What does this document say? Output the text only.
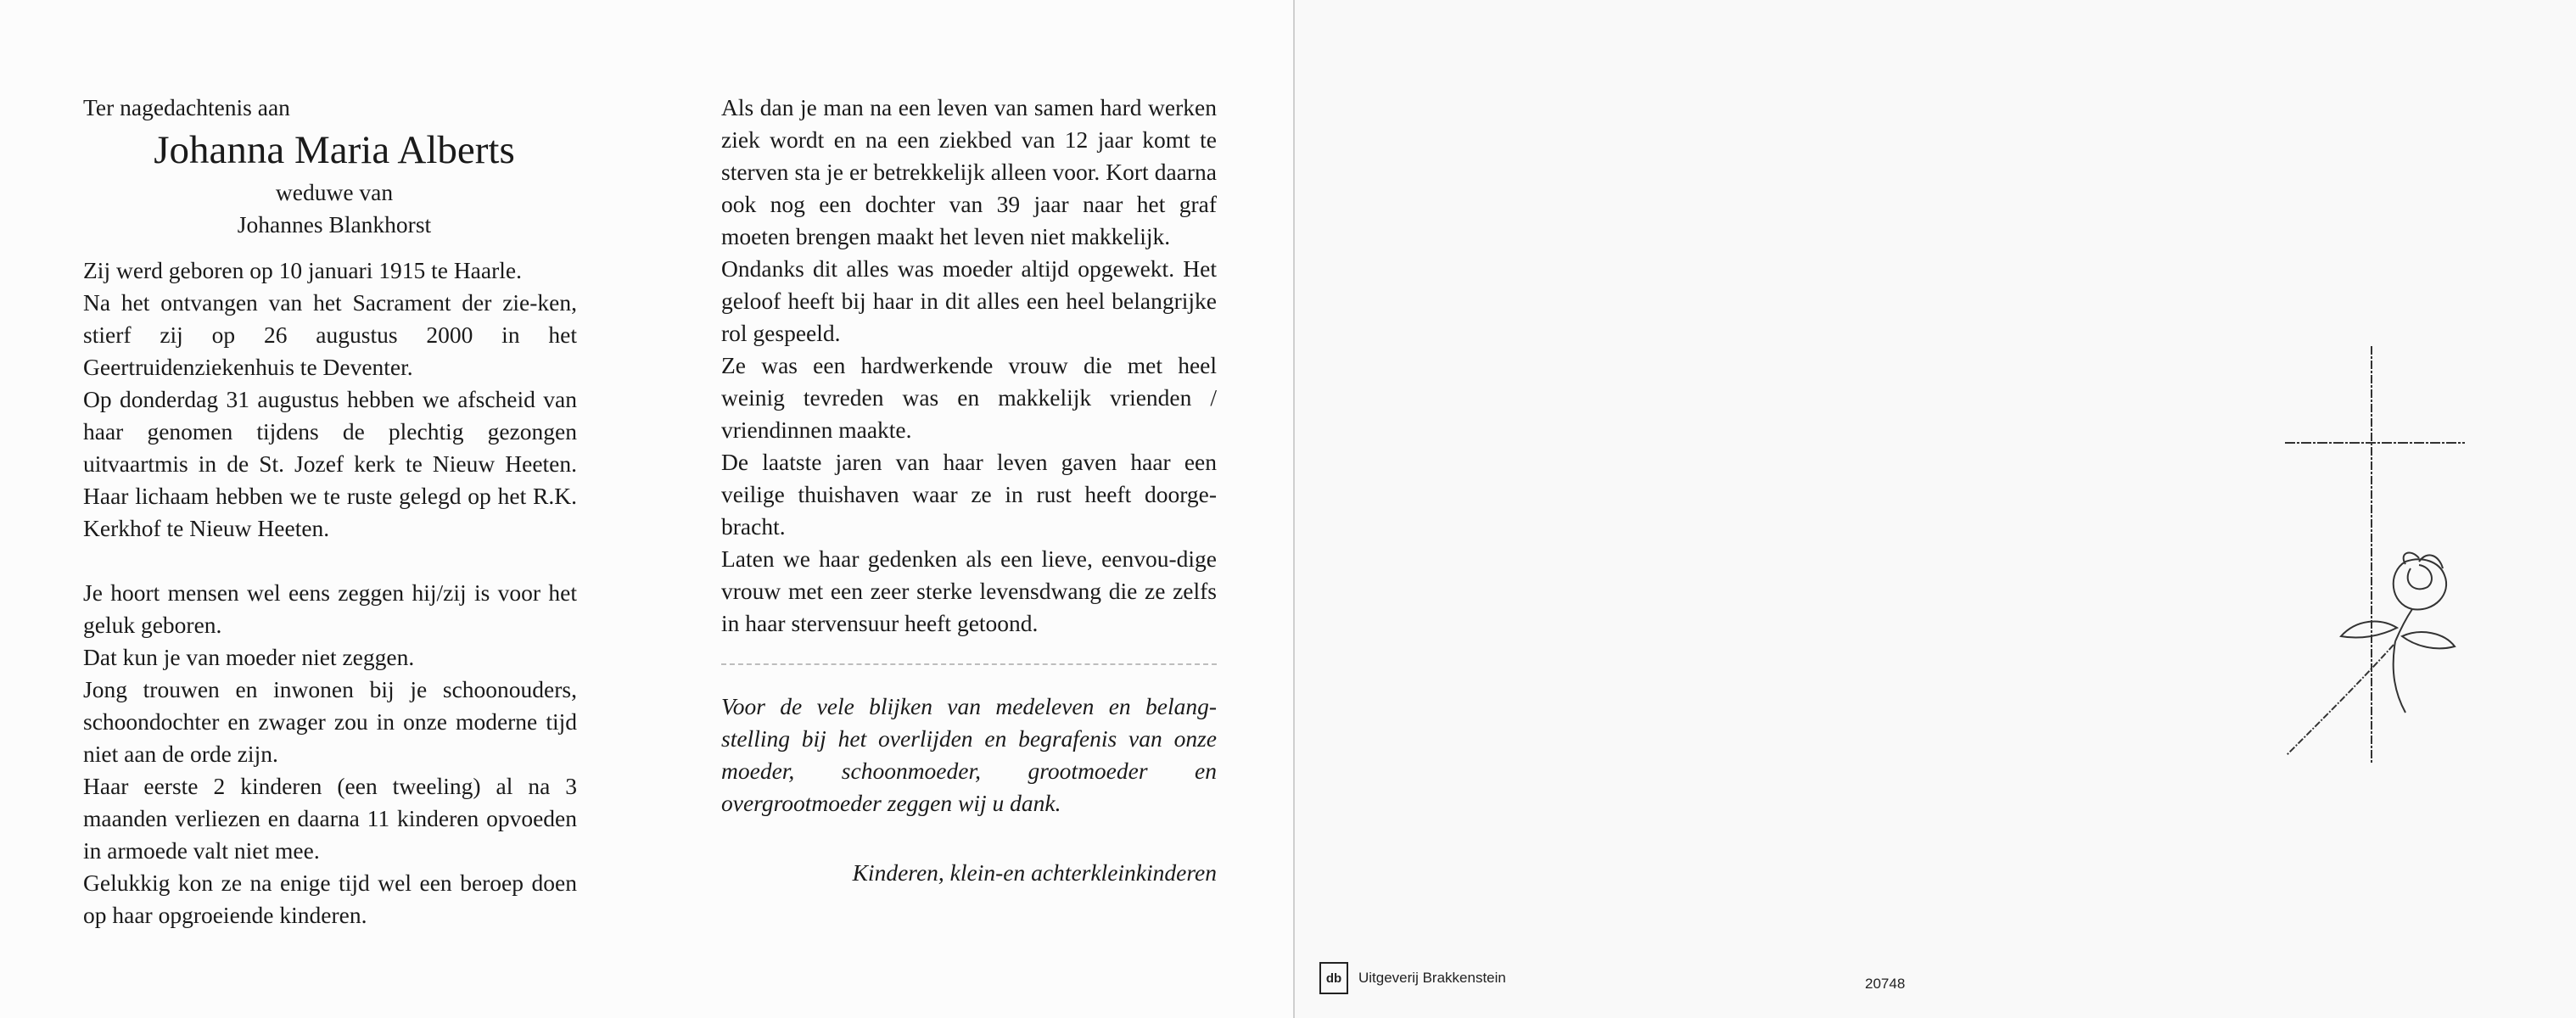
Ter nagedachtenis aan

Johanna Maria Alberts

weduwe van

Johannes Blankhorst

Zij werd geboren op 10 januari 1915 te Haarle.

Na het ontvangen van het Sacrament der zie-ken, stierf zij op 26 augustus 2000 in het Geertruidenziekenhuis te Deventer.

Op donderdag 31 augustus hebben we afscheid van haar genomen tijdens de plechtig gezongen uitvaartmis in de St. Jozef kerk te Nieuw Heeten. Haar lichaam hebben we te ruste gelegd op het R.K. Kerkhof te Nieuw Heeten.

Je hoort mensen wel eens zeggen hij/zij is voor het geluk geboren.

Dat kun je van moeder niet zeggen.

Jong trouwen en inwonen bij je schoonouders, schoondochter en zwager zou in onze moderne tijd niet aan de orde zijn.

Haar eerste 2 kinderen (een tweeling) al na 3 maanden verliezen en daarna 11 kinderen opvoeden in armoede valt niet mee.

Gelukkig kon ze na enige tijd wel een beroep doen op haar opgroeiende kinderen.

Als dan je man na een leven van samen hard werken ziek wordt en na een ziekbed van 12 jaar komt te sterven sta je er betrekkelijk alleen voor. Kort daarna ook nog een dochter van 39 jaar naar het graf moeten brengen maakt het leven niet makkelijk.

Ondanks dit alles was moeder altijd opgewekt. Het geloof heeft bij haar in dit alles een heel belangrijke rol gespeeld.

Ze was een hardwerkende vrouw die met heel weinig tevreden was en makkelijk vrienden / vriendinnen maakte.

De laatste jaren van haar leven gaven haar een veilige thuishaven waar ze in rust heeft doorge-bracht.

Laten we haar gedenken als een lieve, eenvou-dige vrouw met een zeer sterke levensdwang die ze zelfs in haar stervensuur heeft getoond.

Voor de vele blijken van medeleven en belang-stelling bij het overlijden en begrafenis van onze moeder, schoonmoeder, grootmoeder en overgrootmoeder zeggen wij u dank.

Kinderen, klein-en achterkleinkinderen

db	Uitgeverij Brakkenstein	20748
